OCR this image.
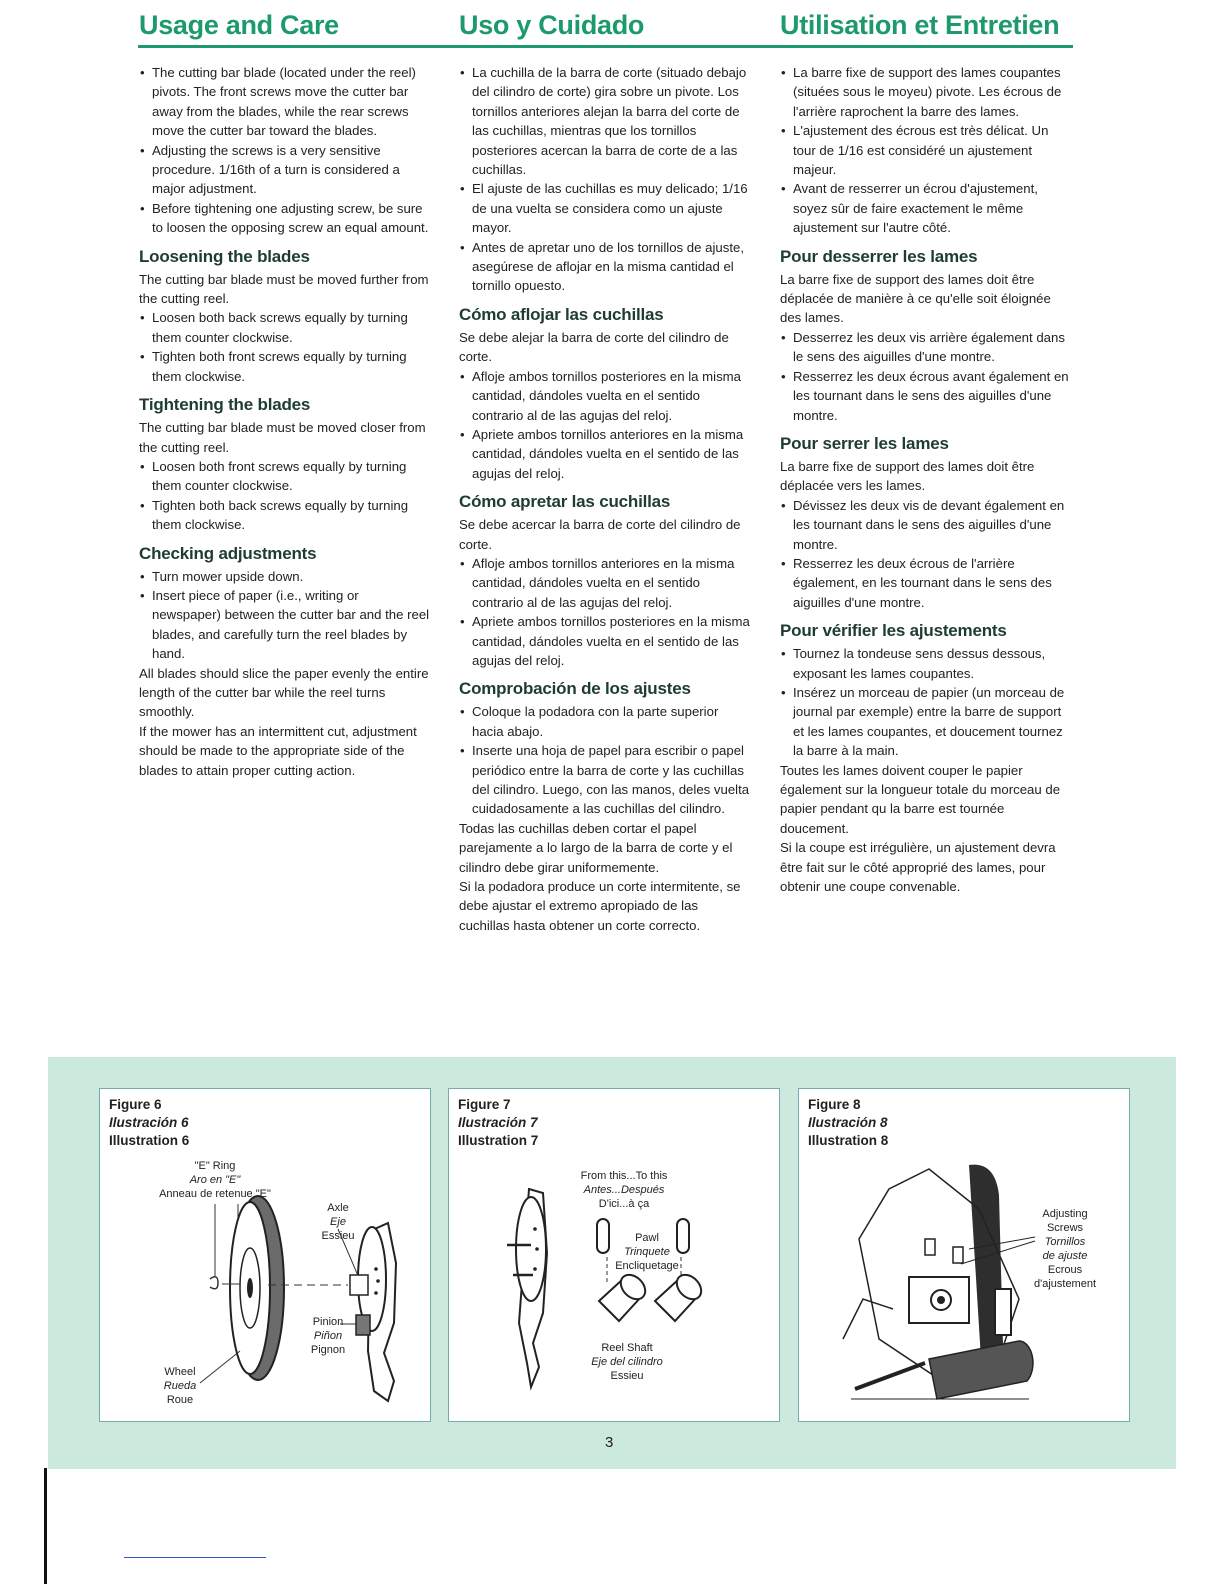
Usage and Care
• The cutting bar blade (located under the reel) pivots. The front screws move the cutter bar away from the blades, while the rear screws move the cutter bar toward the blades.
• Adjusting the screws is a very sensitive procedure. 1/16th of a turn is considered a major adjustment.
• Before tightening one adjusting screw, be sure to loosen the opposing screw an equal amount.
Loosening the blades

The cutting bar blade must be moved further from the cutting reel.

• Loosen both back screws equally by turning them counter clockwise.
• Tighten both front screws equally by turning them clockwise.
Tightening the blades

The cutting bar blade must be moved closer from the cutting reel.

• Loosen both front screws equally by turning them counter clockwise.
• Tighten both back screws equally by turning them clockwise.
Checking adjustments
• Turn mower upside down.
• Insert piece of paper (i.e., writing or newspaper) between the cutter bar and the reel blades, and carefully turn the reel blades by hand.

All blades should slice the paper evenly the entire length of the cutter bar while the reel turns smoothly.

If the mower has an intermittent cut, adjustment should be made to the appropriate side of the blades to attain proper cutting action.

Uso y Cuidado
• La cuchilla de la barra de corte (situado debajo del cilindro de corte) gira sobre un pivote. Los tornillos anteriores alejan la barra del corte de las cuchillas, mientras que los tornillos posteriores acercan la barra de corte de a las cuchillas.
• El ajuste de las cuchillas es muy delicado; 1/16 de una vuelta se considera como un ajuste mayor.
• Antes de apretar uno de los tornillos de ajuste, asegúrese de aflojar en la misma cantidad el tornillo opuesto.
Cómo aflojar las cuchillas

Se debe alejar la barra de corte del cilindro de corte.

• Afloje ambos tornillos posteriores en la misma cantidad, dándoles vuelta en el sentido contrario al de las agujas del reloj.
• Apriete ambos tornillos anteriores en la misma cantidad, dándoles vuelta en el sentido de las agujas del reloj.
Cómo apretar las cuchillas

Se debe acercar la barra de corte del cilindro de corte.

• Afloje ambos tornillos anteriores en la misma cantidad, dándoles vuelta en el sentido contrario al de las agujas del reloj.
• Apriete ambos tornillos posteriores en la misma cantidad, dándoles vuelta en el sentido de las agujas del reloj.
Comprobación de los ajustes
• Coloque la podadora con la parte superior hacia abajo.
• Inserte una hoja de papel para escribir o papel periódico entre la barra de corte y las cuchillas del cilindro. Luego, con las manos, deles vuelta cuidadosamente a las cuchillas del cilindro.

Todas las cuchillas deben cortar el papel parejamente a lo largo de la barra de corte y el cilindro debe girar uniformemente.

Si la podadora produce un corte intermitente, se debe ajustar el extremo apropiado de las cuchillas hasta obtener un corte correcto.

Utilisation et Entretien
• La barre fixe de support des lames coupantes (situées sous le moyeu) pivote. Les écrous de l'arrière raprochent la barre des lames.
• L'ajustement des écrous est très délicat. Un tour de 1/16 est considéré un ajustement majeur.
• Avant de resserrer un écrou d'ajustement, soyez sûr de faire exactement le même ajustement sur l'autre côté.
Pour desserrer les lames

La barre fixe de support des lames doit être déplacée de manière à ce qu'elle soit éloignée des lames.

• Desserrez les deux vis arrière également dans le sens des aiguilles d'une montre.
• Resserrez les deux écrous avant également en les tournant dans le sens des aiguilles d'une montre.
Pour serrer les lames

La barre fixe de support des lames doit être déplacée vers les lames.

• Dévissez les deux vis de devant également en les tournant dans le sens des aiguilles d'une montre.
• Resserrez les deux écrous de l'arrière également, en les tournant dans le sens des aiguilles d'une montre.
Pour vérifier les ajustements
• Tournez la tondeuse sens dessus dessous, exposant les lames coupantes.
• Insérez un morceau de papier (un morceau de journal par exemple) entre la barre de support et les lames coupantes, et doucement tournez la barre à la main.

Toutes les lames doivent couper le papier également sur la longueur totale du morceau de papier pendant qu la barre est tournée doucement.

Si la coupe est irrégulière, un ajustement devra être fait sur le côté approprié des lames, pour obtenir une coupe convenable.

Figure 6
Ilustración 6
Illustration 6
"E" Ring
Aro en "E"
Anneau de retenue "E"
Axle
Eje
Essieu
Pinion
Piñon
Pignon
Wheel
Rueda
Roue
Figure 7
Ilustración 7
Illustration 7
From this...To this
Antes...Después
D'ici...à ça
Pawl
Trinquete
Encliquetage
Reel Shaft
Eje del cilindro
Essieu
Figure 8
Ilustración 8
Illustration 8
Adjusting
Screws
Tornillos
de ajuste
Ecrous
d'ajustement
3
